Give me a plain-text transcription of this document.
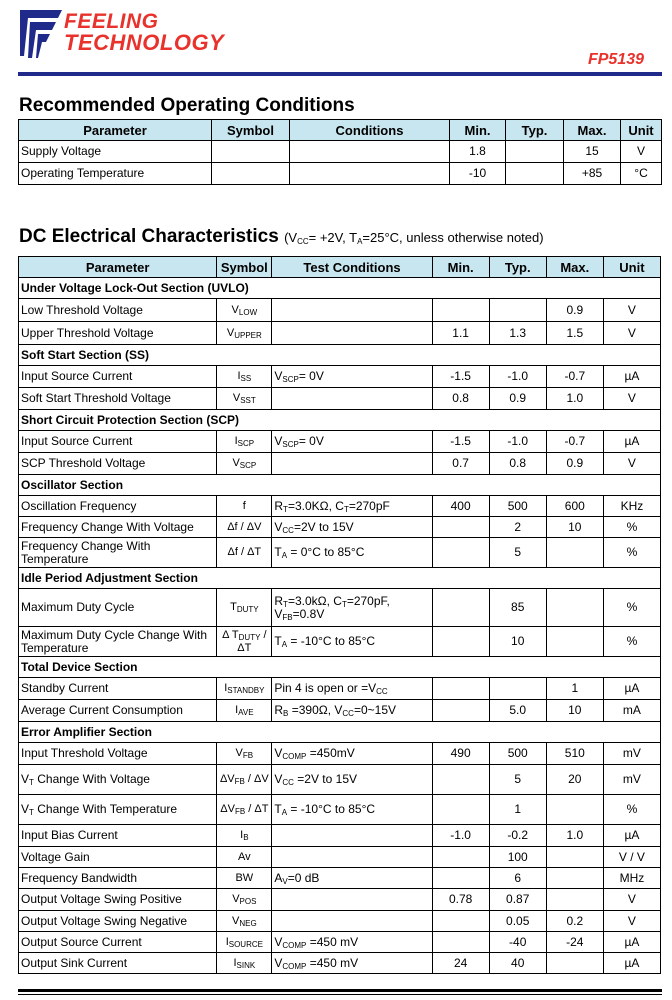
FEELING
TECHNOLOGY
FP5139
Recommended Operating Conditions
Parameter	Symbol	Conditions	Min.	Typ.	Max.	Unit
Supply Voltage			1.8		15	V
Operating Temperature			-10		+85	°C
DC Electrical Characteristics ($V_{CC}= +2V$, $T_A=25^\circ C$, unless otherwise noted)
Parameter	Symbol	Test Conditions	Min.	Typ.	Max.	Unit
Under Voltage Lock-Out Section (UVLO)						
Low Threshold Voltage	$V_{LOW}$				0.9	V
Upper Threshold Voltage	$V_{UPPER}$		1.1	1.3	1.5	V
Soft Start Section (SS)						
Input Source Current	$I_{SS}$	$V_{SCP}= 0V$	-1.5	-1.0	-0.7	µA
Soft Start Threshold Voltage	$V_{SST}$		0.8	0.9	1.0	V
Short Circuit Protection Section (SCP)						
Input Source Current	$I_{SCP}$	$V_{SCP}= 0V$	-1.5	-1.0	-0.7	µA
SCP Threshold Voltage	$V_{SCP}$		0.7	0.8	0.9	V
Oscillator Section						
Oscillation Frequency	f	$R_T=3.0K\Omega$, $C_T=270pF$	400	500	600	KHz
Frequency Change With Voltage	Δf / ΔV	$V_{CC}=2V$ to 15V		2	10	%
Frequency Change With Temperature	Δf / ΔT	$T_A = 0^\circ C$ to 85°C		5		%
Idle Period Adjustment Section						
Maximum Duty Cycle	$T_{DUTY}$	$R_T=3.0k\Omega$, $C_T=270pF$, $V_{FB}=0.8V$		85		%
Maximum Duty Cycle Change With Temperature	Δ $T_{DUTY}$ / ΔT	$T_A = -10^\circ C$ to 85°C		10		%
Total Device Section						
Standby Current	$I_{STANDBY}$	Pin 4 is open or $=V_{CC}$			1	µA
Average Current Consumption	$I_{AVE}$	$R_B =390\Omega$, $V_{CC}=0\sim 15V$		5.0	10	mA
Error Amplifier Section						
Input Threshold Voltage	$V_{FB}$	$V_{COMP} =450mV$	490	500	510	mV
$V_T$ Change With Voltage	$\Delta V_{FB}$ / ΔV	$V_{CC} =2V$ to 15V		5	20	mV
$V_T$ Change With Temperature	$\Delta V_{FB}$ / ΔT	$T_A = -10^\circ C$ to 85°C		1		%
Input Bias Current	$I_B$		-1.0	-0.2	1.0	µA
Voltage Gain	Av			100		V / V
Frequency Bandwidth	BW	$A_V=0$ dB		6		MHz
Output Voltage Swing Positive	$V_{POS}$		0.78	0.87		V
Output Voltage Swing Negative	$V_{NEG}$			0.05	0.2	V
Output Source Current	$I_{SOURCE}$	$V_{COMP} =450$ mV		-40	-24	µA
Output Sink Current	$I_{SINK}$	$V_{COMP} =450$ mV	24	40		µA
